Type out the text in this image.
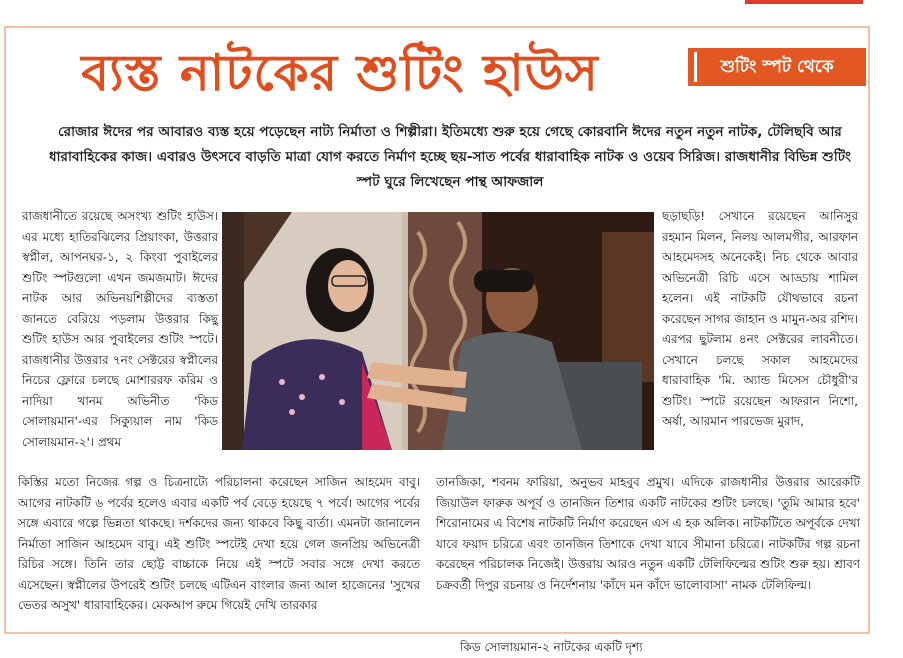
ব্যস্ত নাটকের শুটিং হাউস	শুটিং স্পট থেকে
রোজার ঈদের পর আবারও ব্যস্ত হয়ে পড়েছেন নাট্য নির্মাতা ও শিল্পীরা। ইতিমধ্যে শুরু হয়ে গেছে কোরবানি ঈদের নতুন নতুন নাটক, টেলিছবি আর ধারাবাহিকের কাজ। এবারও উৎসবে বাড়তি মাত্রা যোগ করতে নির্মাণ হচ্ছে ছয়-সাত পর্বের ধারাবাহিক নাটক ও ওয়েব সিরিজ। রাজধানীর বিভিন্ন শুটিং স্পট ঘুরে লিখেছেন পান্থ আফজাল
রাজধানীতে রয়েছে অসংখ্য শুটিং হাউস। এর মধ্যে হাতিরঝিলের প্রিয়াংকা, উত্তরার স্বপ্নীল, আপনঘর-১, ২ কিংবা পুবাইলের শুটিং স্পটগুলো এখন জমজমাট। ঈদের নাটক আর অভিনয়শিল্পীদের ব্যস্ততা জানতে বেরিয়ে পড়লাম উত্তরার কিছু শুটিং হাউস আর পুবাইলের শুটিং স্পটে। রাজধানীর উত্তরার ৭নং সেক্টরের স্বপ্নীলের নিচের ফ্লোরে চলছে মোশাররফ করিম ও নাদিয়া খানম অভিনীত 'কিড সোলায়মান'-এর সিক্যুয়াল নাম 'কিড সোলায়মান-২'। প্রথম
কিড সোলায়মান-২ নাটকের একটি দৃশ্য
ছড়াছড়ি! সেখানে রয়েছেন আনিসুর রহমান মিলন, নিলয় আলমগীর, আরফান আহমেদসহ অনেকেই। নিচ থেকে আবার অভিনেত্রী রিচি এসে আড্ডায় শামিল হলেন। এই নাটকটি যৌথভাবে রচনা করেছেন সাগর জাহান ও মামুন-অর রশিদ। এরপর ছুটলাম ৪নং সেক্টরের লাবনীতে। সেখানে চলছে সকাল আহমেদের ধারাবাহিক 'মি. অ্যান্ড মিসেস চৌধুরী'র শুটিং। স্পটে রয়েছেন আফরান নিশো, অর্ষা, আরমান পারভেজ মুরাদ,
কিস্তির মতো নিজের গল্প ও চিত্রনাট্যে পরিচালনা করেছেন সাজিন আহমেদ বাবু। আগের নাটকটি ৬ পর্বের হলেও এবার একটি পর্ব বেড়ে হয়েছে ৭ পর্বে। আগের পর্বের সঙ্গে এবারে গল্পে ভিন্নতা থাকছে। দর্শকদের জন্য থাকবে কিছু বার্তা। এমনটা জানালেন নির্মাতা সাজিন আহমেদ বাবু। এই শুটিং স্পটেই দেখা হয়ে গেল জনপ্রিয় অভিনেত্রী রিচির সঙ্গে। তিনি তার ছোট্ট বাচ্চাকে নিয়ে এই স্পটে সবার সঙ্গে দেখা করতে এসেছেন। স্বপ্নীলের উপরেই শুটিং চলছে এটিএন বাংলার জন্য আল হাজেনের 'সুখের ভেতর অসুখ' ধারাবাহিকের। মেকআপ রুমে গিয়েই দেখি তারকার
তানজিকা, শবনম ফারিয়া, অনুভব মাহবুব প্রমুখ। এদিকে রাজধানীর উত্তরার আরেকটি জিয়াউল ফারুক অপূর্ব ও তানজিন তিশার একটি নাটকের শুটিং চলছে। 'তুমি আমার হবে' শিরোনামের এ বিশেষ নাটকটি নির্মাণ করেছেন এস এ হক অলিক। নাটকটিতে অপূর্বকে দেখা যাবে ফয়াদ চরিত্রে এবং তানজিন তিশাকে দেখা যাবে সীমানা চরিত্রে। নাটকটির গল্প রচনা করেছেন পরিচালক নিজেই। উত্তরায় আরও নতুন একটি টেলিফিল্মের শুটিং শুরু হয়। শ্রাবণ চক্রবর্তী দিপুর রচনায় ও নির্দেশনায় 'কাঁদে মন কাঁদে ভালোবাসা' নামক টেলিফিল্ম।
